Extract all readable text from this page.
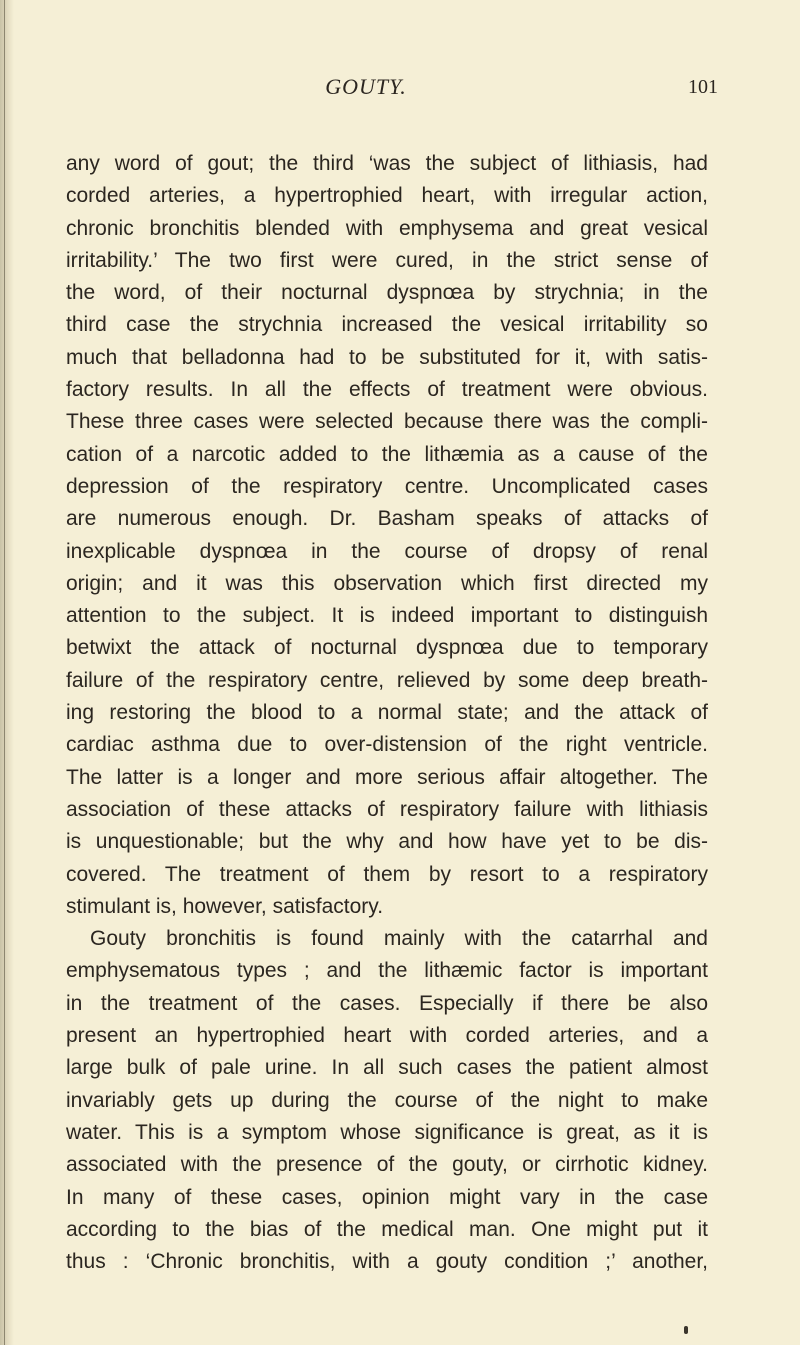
GOUTY.	101
any word of gout; the third ‘was the subject of lithiasis, had
corded arteries, a hypertrophied heart, with irregular action,
chronic bronchitis blended with emphysema and great vesical
irritability.’ The two first were cured, in the strict sense of
the word, of their nocturnal dyspnœa by strychnia; in the
third case the strychnia increased the vesical irritability so
much that belladonna had to be substituted for it, with satis-
factory results. In all the effects of treatment were obvious.
These three cases were selected because there was the compli-
cation of a narcotic added to the lithæmia as a cause of the
depression of the respiratory centre. Uncomplicated cases
are numerous enough. Dr. Basham speaks of attacks of
inexplicable dyspnœa in the course of dropsy of renal
origin; and it was this observation which first directed my
attention to the subject. It is indeed important to distinguish
betwixt the attack of nocturnal dyspnœa due to temporary
failure of the respiratory centre, relieved by some deep breath-
ing restoring the blood to a normal state; and the attack of
cardiac asthma due to over-distension of the right ventricle.
The latter is a longer and more serious affair altogether. The
association of these attacks of respiratory failure with lithiasis
is unquestionable; but the why and how have yet to be dis-
covered. The treatment of them by resort to a respiratory
stimulant is, however, satisfactory.
Gouty bronchitis is found mainly with the catarrhal and
emphysematous types ; and the lithæmic factor is important
in the treatment of the cases. Especially if there be also
present an hypertrophied heart with corded arteries, and a
large bulk of pale urine. In all such cases the patient almost
invariably gets up during the course of the night to make
water. This is a symptom whose significance is great, as it is
associated with the presence of the gouty, or cirrhotic kidney.
In many of these cases, opinion might vary in the case
according to the bias of the medical man. One might put it
thus : ‘Chronic bronchitis, with a gouty condition ;’ another,
